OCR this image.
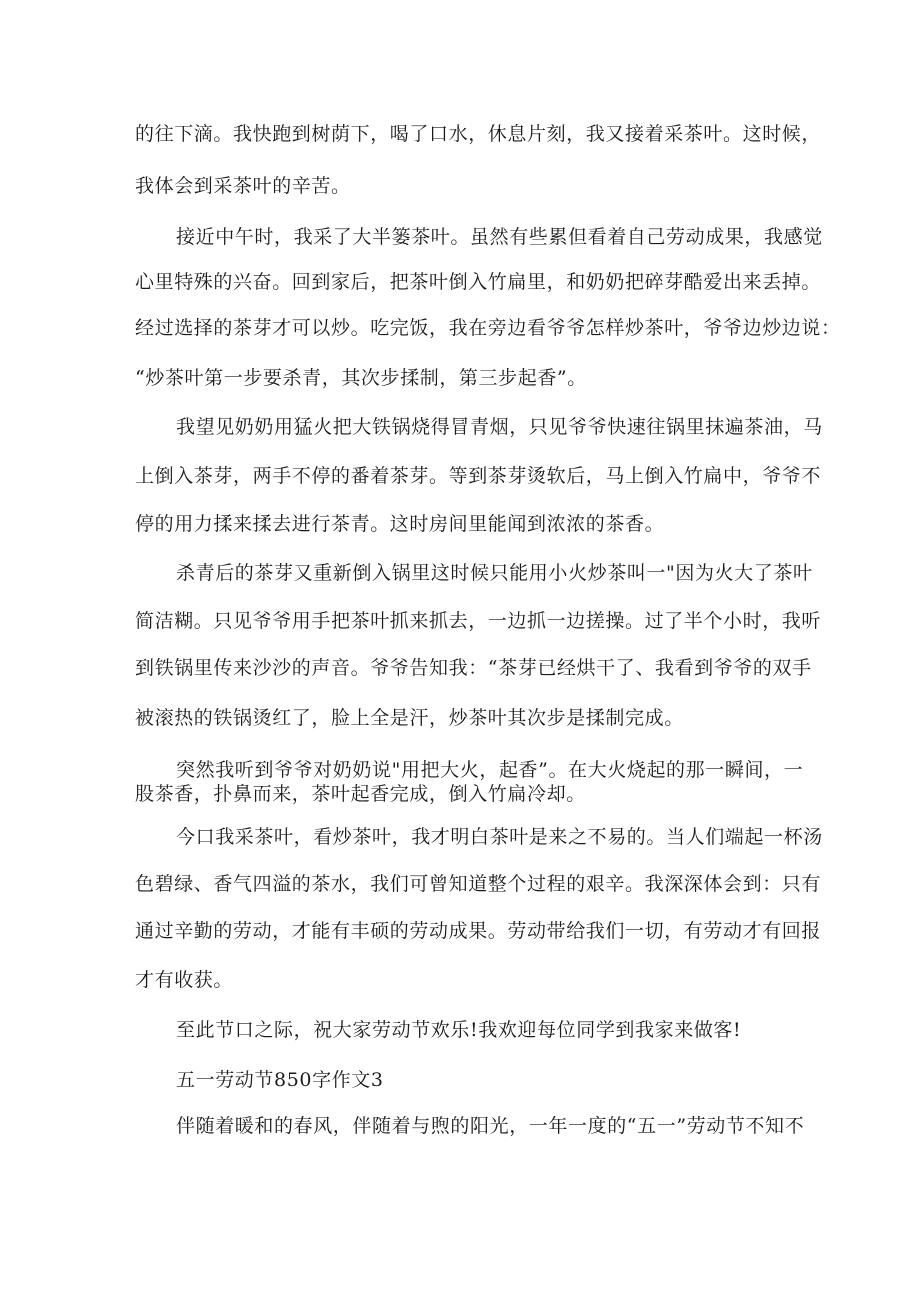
的往下滴。我快跑到树荫下，喝了口水，休息片刻，我又接着采茶叶。这时候，
我体会到采茶叶的辛苦。
接近中午时，我采了大半篓茶叶。虽然有些累但看着自己劳动成果，我感觉
心里特殊的兴奋。回到家后，把茶叶倒入竹扁里，和奶奶把碎芽酷爱出来丢掉。
经过选择的茶芽才可以炒。吃完饭，我在旁边看爷爷怎样炒茶叶，爷爷边炒边说：
“炒茶叶第一步要杀青，其次步揉制，第三步起香”。
我望见奶奶用猛火把大铁锅烧得冒青烟，只见爷爷快速往锅里抹遍茶油，马
上倒入茶芽，两手不停的番着茶芽。等到茶芽烫软后，马上倒入竹扁中，爷爷不
停的用力揉来揉去进行茶青。这时房间里能闻到浓浓的茶香。
杀青后的茶芽又重新倒入锅里这时候只能用小火炒茶叫一"因为火大了茶叶
简洁糊。只见爷爷用手把茶叶抓来抓去，一边抓一边搓操。过了半个小时，我听
到铁锅里传来沙沙的声音。爷爷告知我：“茶芽已经烘干了、我看到爷爷的双手
被滚热的铁锅烫红了，脸上全是汗，炒茶叶其次步是揉制完成。
突然我听到爷爷对奶奶说"用把大火，起香”。在大火烧起的那一瞬间，一
股茶香，扑鼻而来，茶叶起香完成，倒入竹扁冷却。
今口我采茶叶，看炒茶叶，我才明白茶叶是来之不易的。当人们端起一杯汤
色碧绿、香气四溢的茶水，我们可曾知道整个过程的艰辛。我深深体会到：只有
通过辛勤的劳动，才能有丰硕的劳动成果。劳动带给我们一切，有劳动才有回报
才有收获。
至此节口之际，祝大家劳动节欢乐!我欢迎每位同学到我家来做客!
五一劳动节850字作文3
伴随着暖和的春风，伴随着与煦的阳光，一年一度的“五一”劳动节不知不
